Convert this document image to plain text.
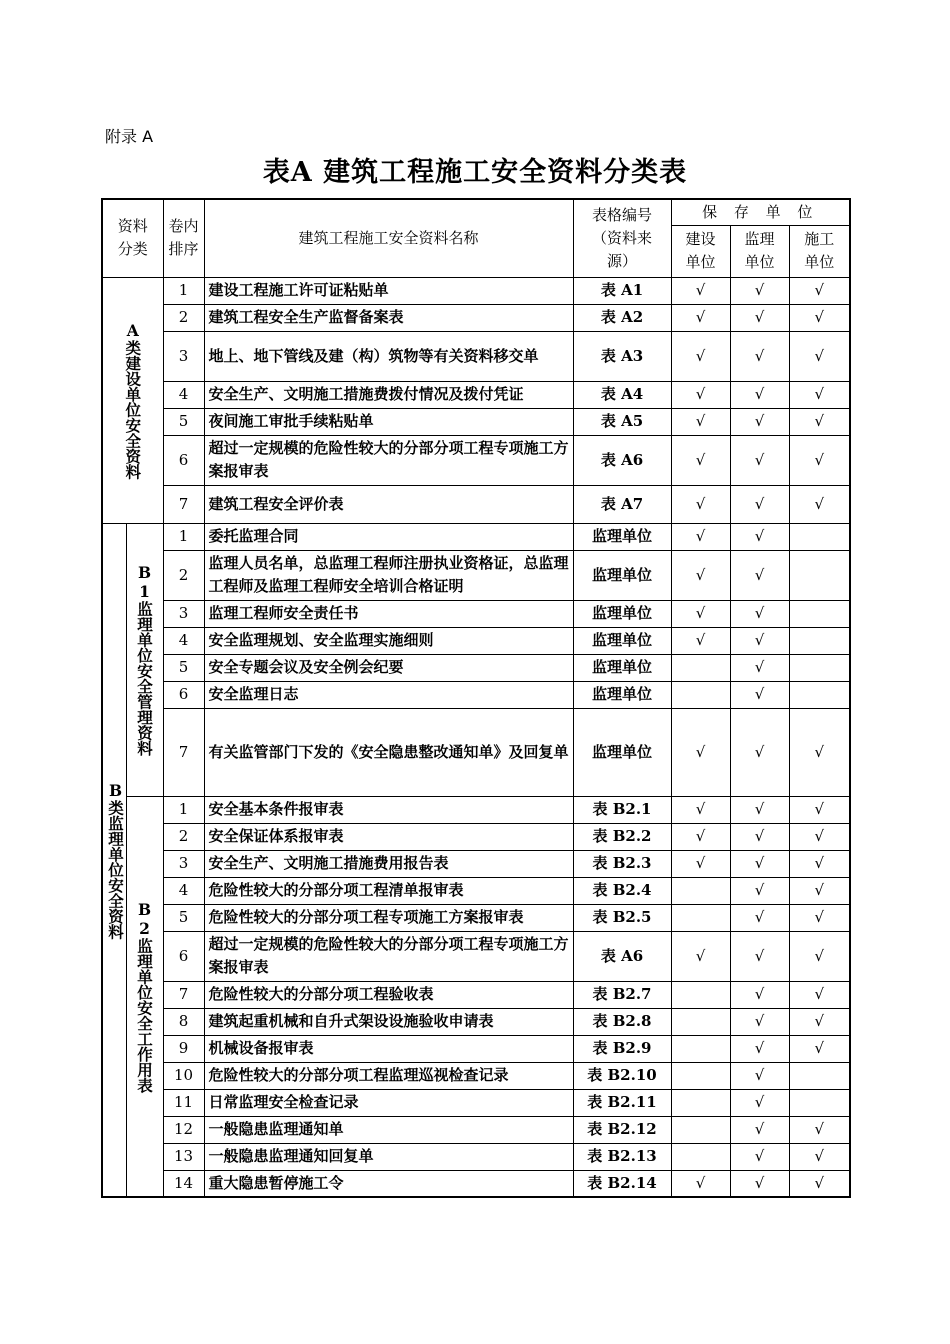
附录 A
表A 建筑工程施工安全资料分类表
资料分类		卷内排序	建筑工程施工安全资料名称	表格编号（资料来源）	保 存 单 位		

					建设单位	监理单位	施工单位

A类建设单位安全资料		1	建设工程施工许可证粘贴单	表 A1	√	√	√
		2	建筑工程安全生产监督备案表	表 A2	√	√	√
		3	地上、地下管线及建（构）筑物等有关资料移交单	表 A3	√	√	√
		4	安全生产、文明施工措施费拨付情况及拨付凭证	表 A4	√	√	√
		5	夜间施工审批手续粘贴单	表 A5	√	√	√
		6	超过一定规模的危险性较大的分部分项工程专项施工方案报审表	表 A6	√	√	√
		7	建筑工程安全评价表	表 A7	√	√	√

B类监理单位安全资料	B1监理单位安全管理资料	1	委托监理合同	监理单位	√	√	
		2	监理人员名单，总监理工程师注册执业资格证，总监理工程师及监理工程师安全培训合格证明	监理单位	√	√	
		3	监理工程师安全责任书	监理单位	√	√	
		4	安全监理规划、安全监理实施细则	监理单位	√	√	
		5	安全专题会议及安全例会纪要	监理单位		√	
		6	安全监理日志	监理单位		√	
		7	有关监管部门下发的《安全隐患整改通知单》及回复单	监理单位	√	√	√

	B2监理单位安全工作用表	1	安全基本条件报审表	表 B2.1	√	√	√
		2	安全保证体系报审表	表 B2.2	√	√	√
		3	安全生产、文明施工措施费用报告表	表 B2.3	√	√	√
		4	危险性较大的分部分项工程清单报审表	表 B2.4		√	√
		5	危险性较大的分部分项工程专项施工方案报审表	表 B2.5		√	√
		6	超过一定规模的危险性较大的分部分项工程专项施工方案报审表	表 A6	√	√	√
		7	危险性较大的分部分项工程验收表	表 B2.7		√	√
		8	建筑起重机械和自升式架设设施验收申请表	表 B2.8		√	√
		9	机械设备报审表	表 B2.9		√	√
		10	危险性较大的分部分项工程监理巡视检查记录	表 B2.10		√	
		11	日常监理安全检查记录	表 B2.11		√	
		12	一般隐患监理通知单	表 B2.12		√	√
		13	一般隐患监理通知回复单	表 B2.13		√	√
		14	重大隐患暂停施工令	表 B2.14	√	√	√
